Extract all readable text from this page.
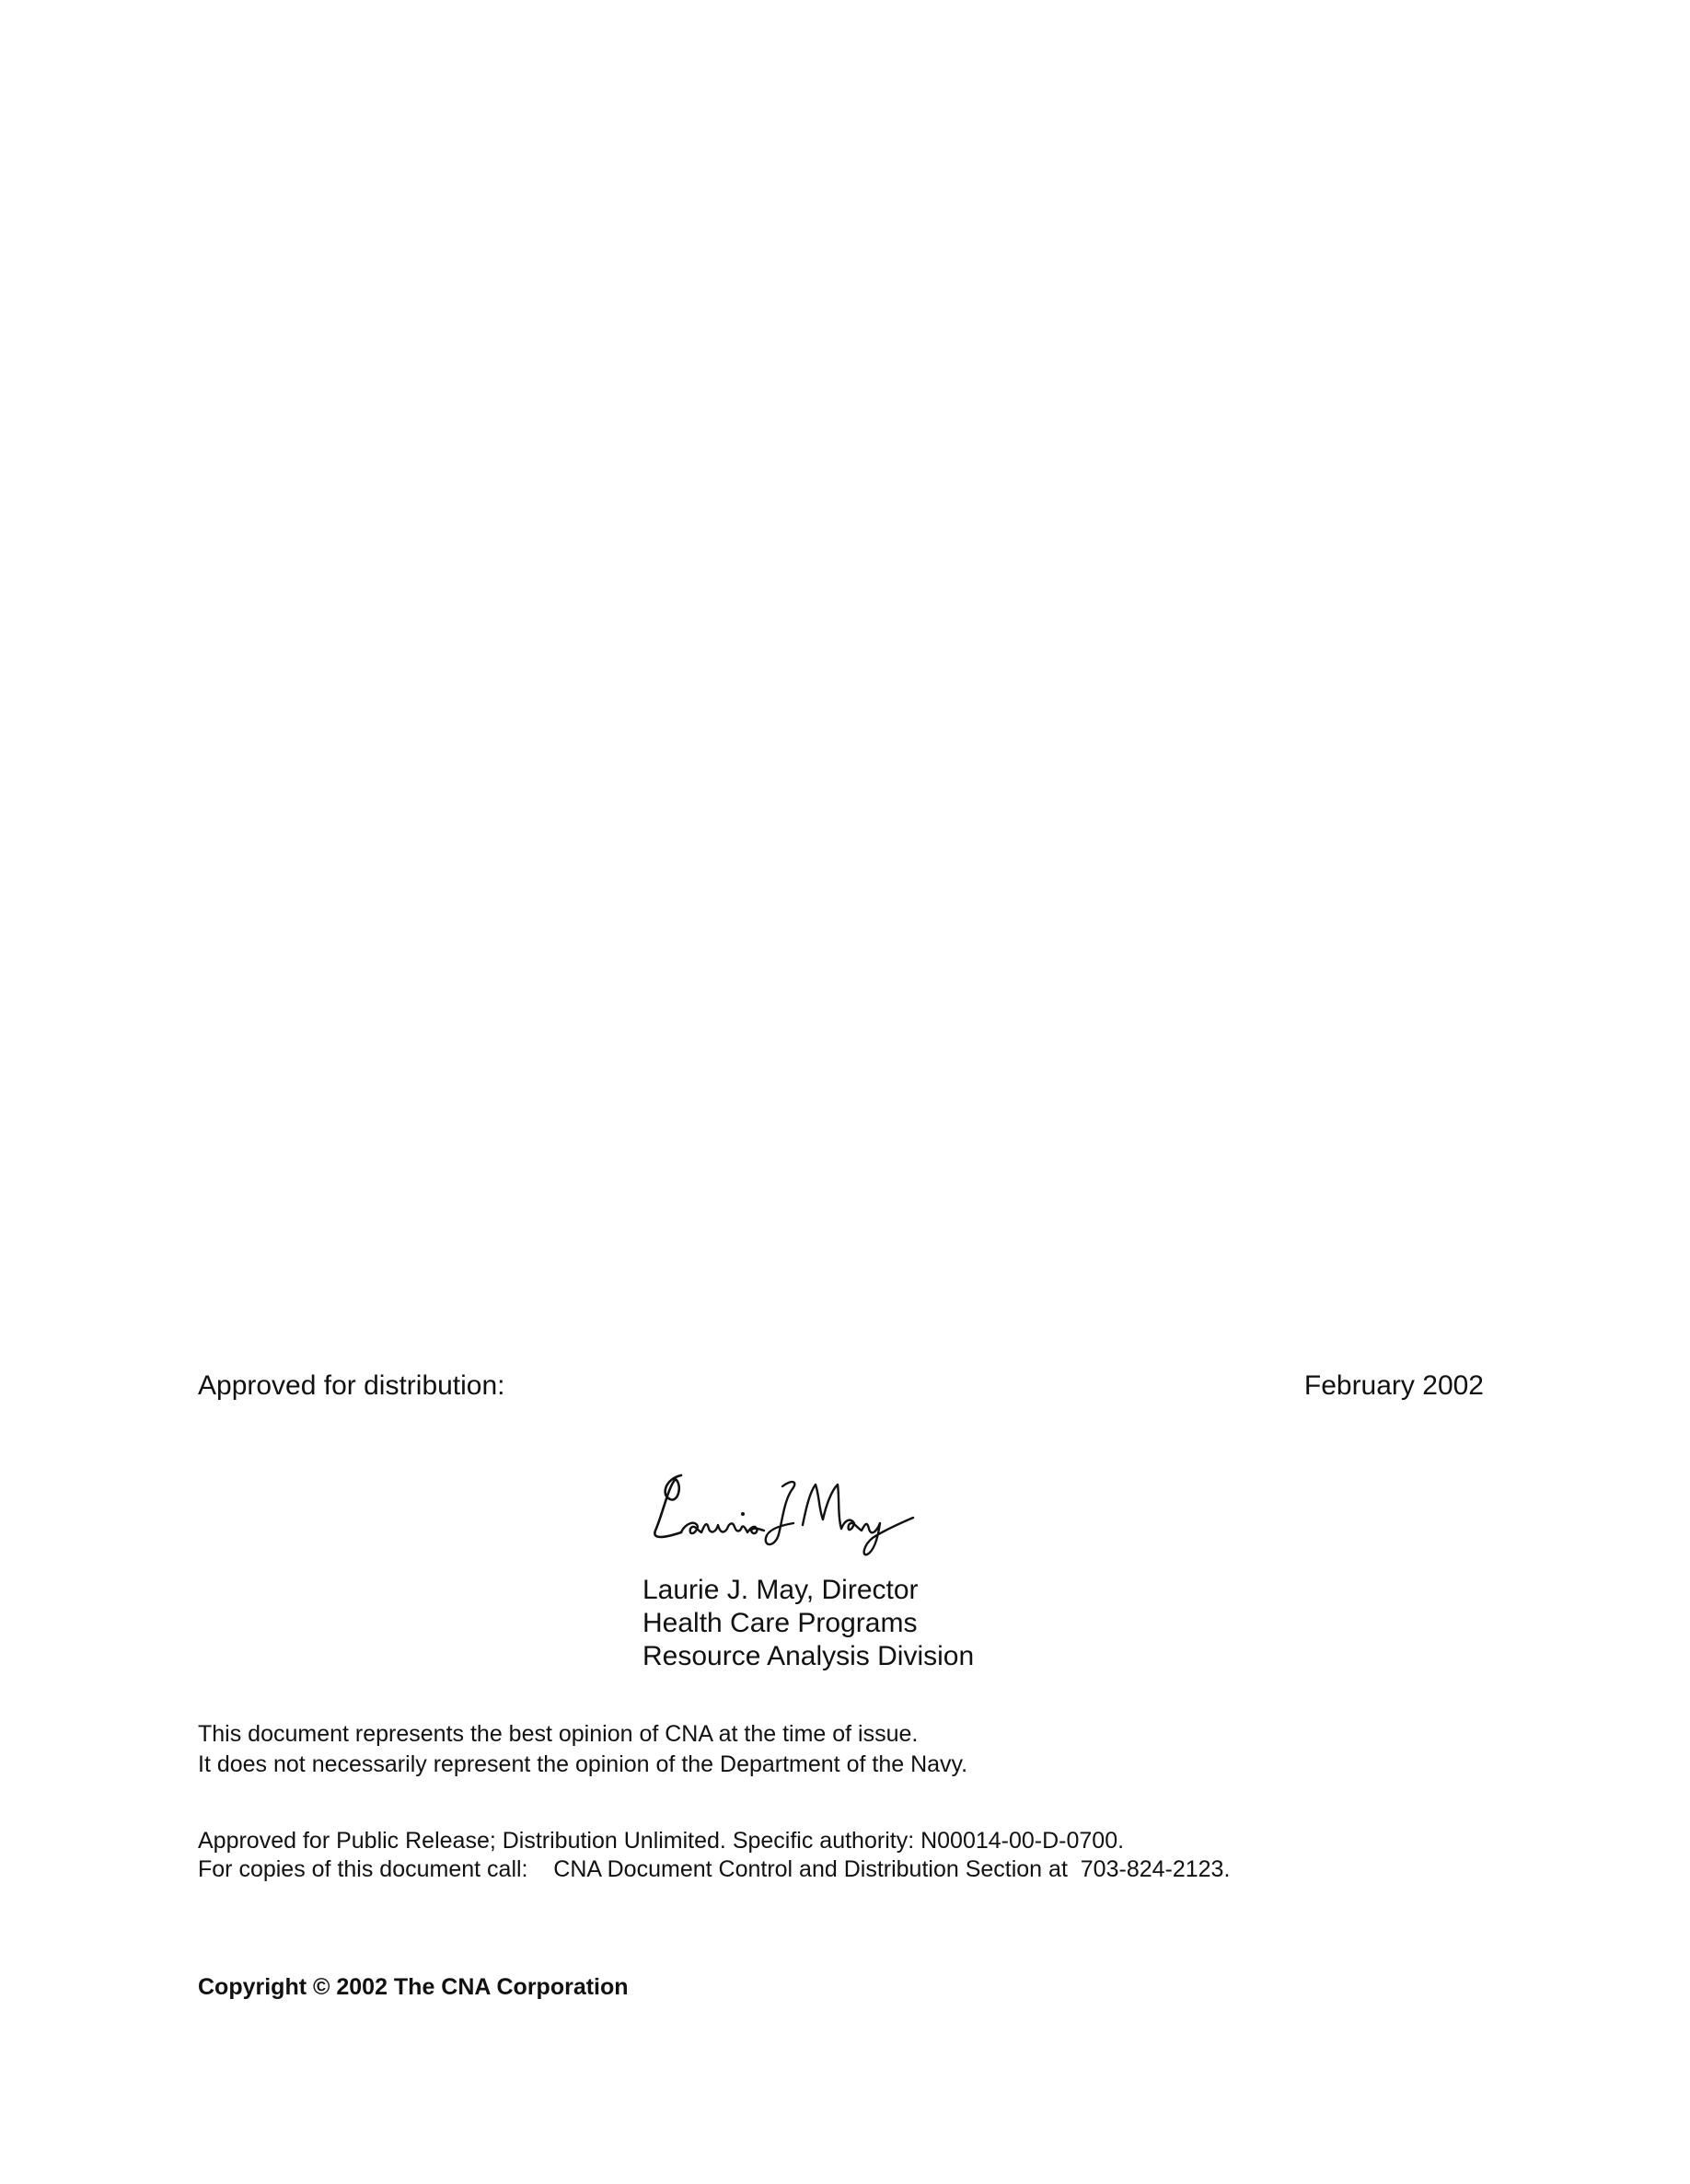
Approved for distribution:	February 2002
Laurie J. May, Director
Health Care Programs
Resource Analysis Division
This document represents the best opinion of CNA at the time of issue.
It does not necessarily represent the opinion of the Department of the Navy.
Approved for Public Release; Distribution Unlimited. Specific authority: N00014-00-D-0700.
For copies of this document call:    CNA Document Control and Distribution Section at  703-824-2123.
Copyright © 2002 The CNA Corporation
